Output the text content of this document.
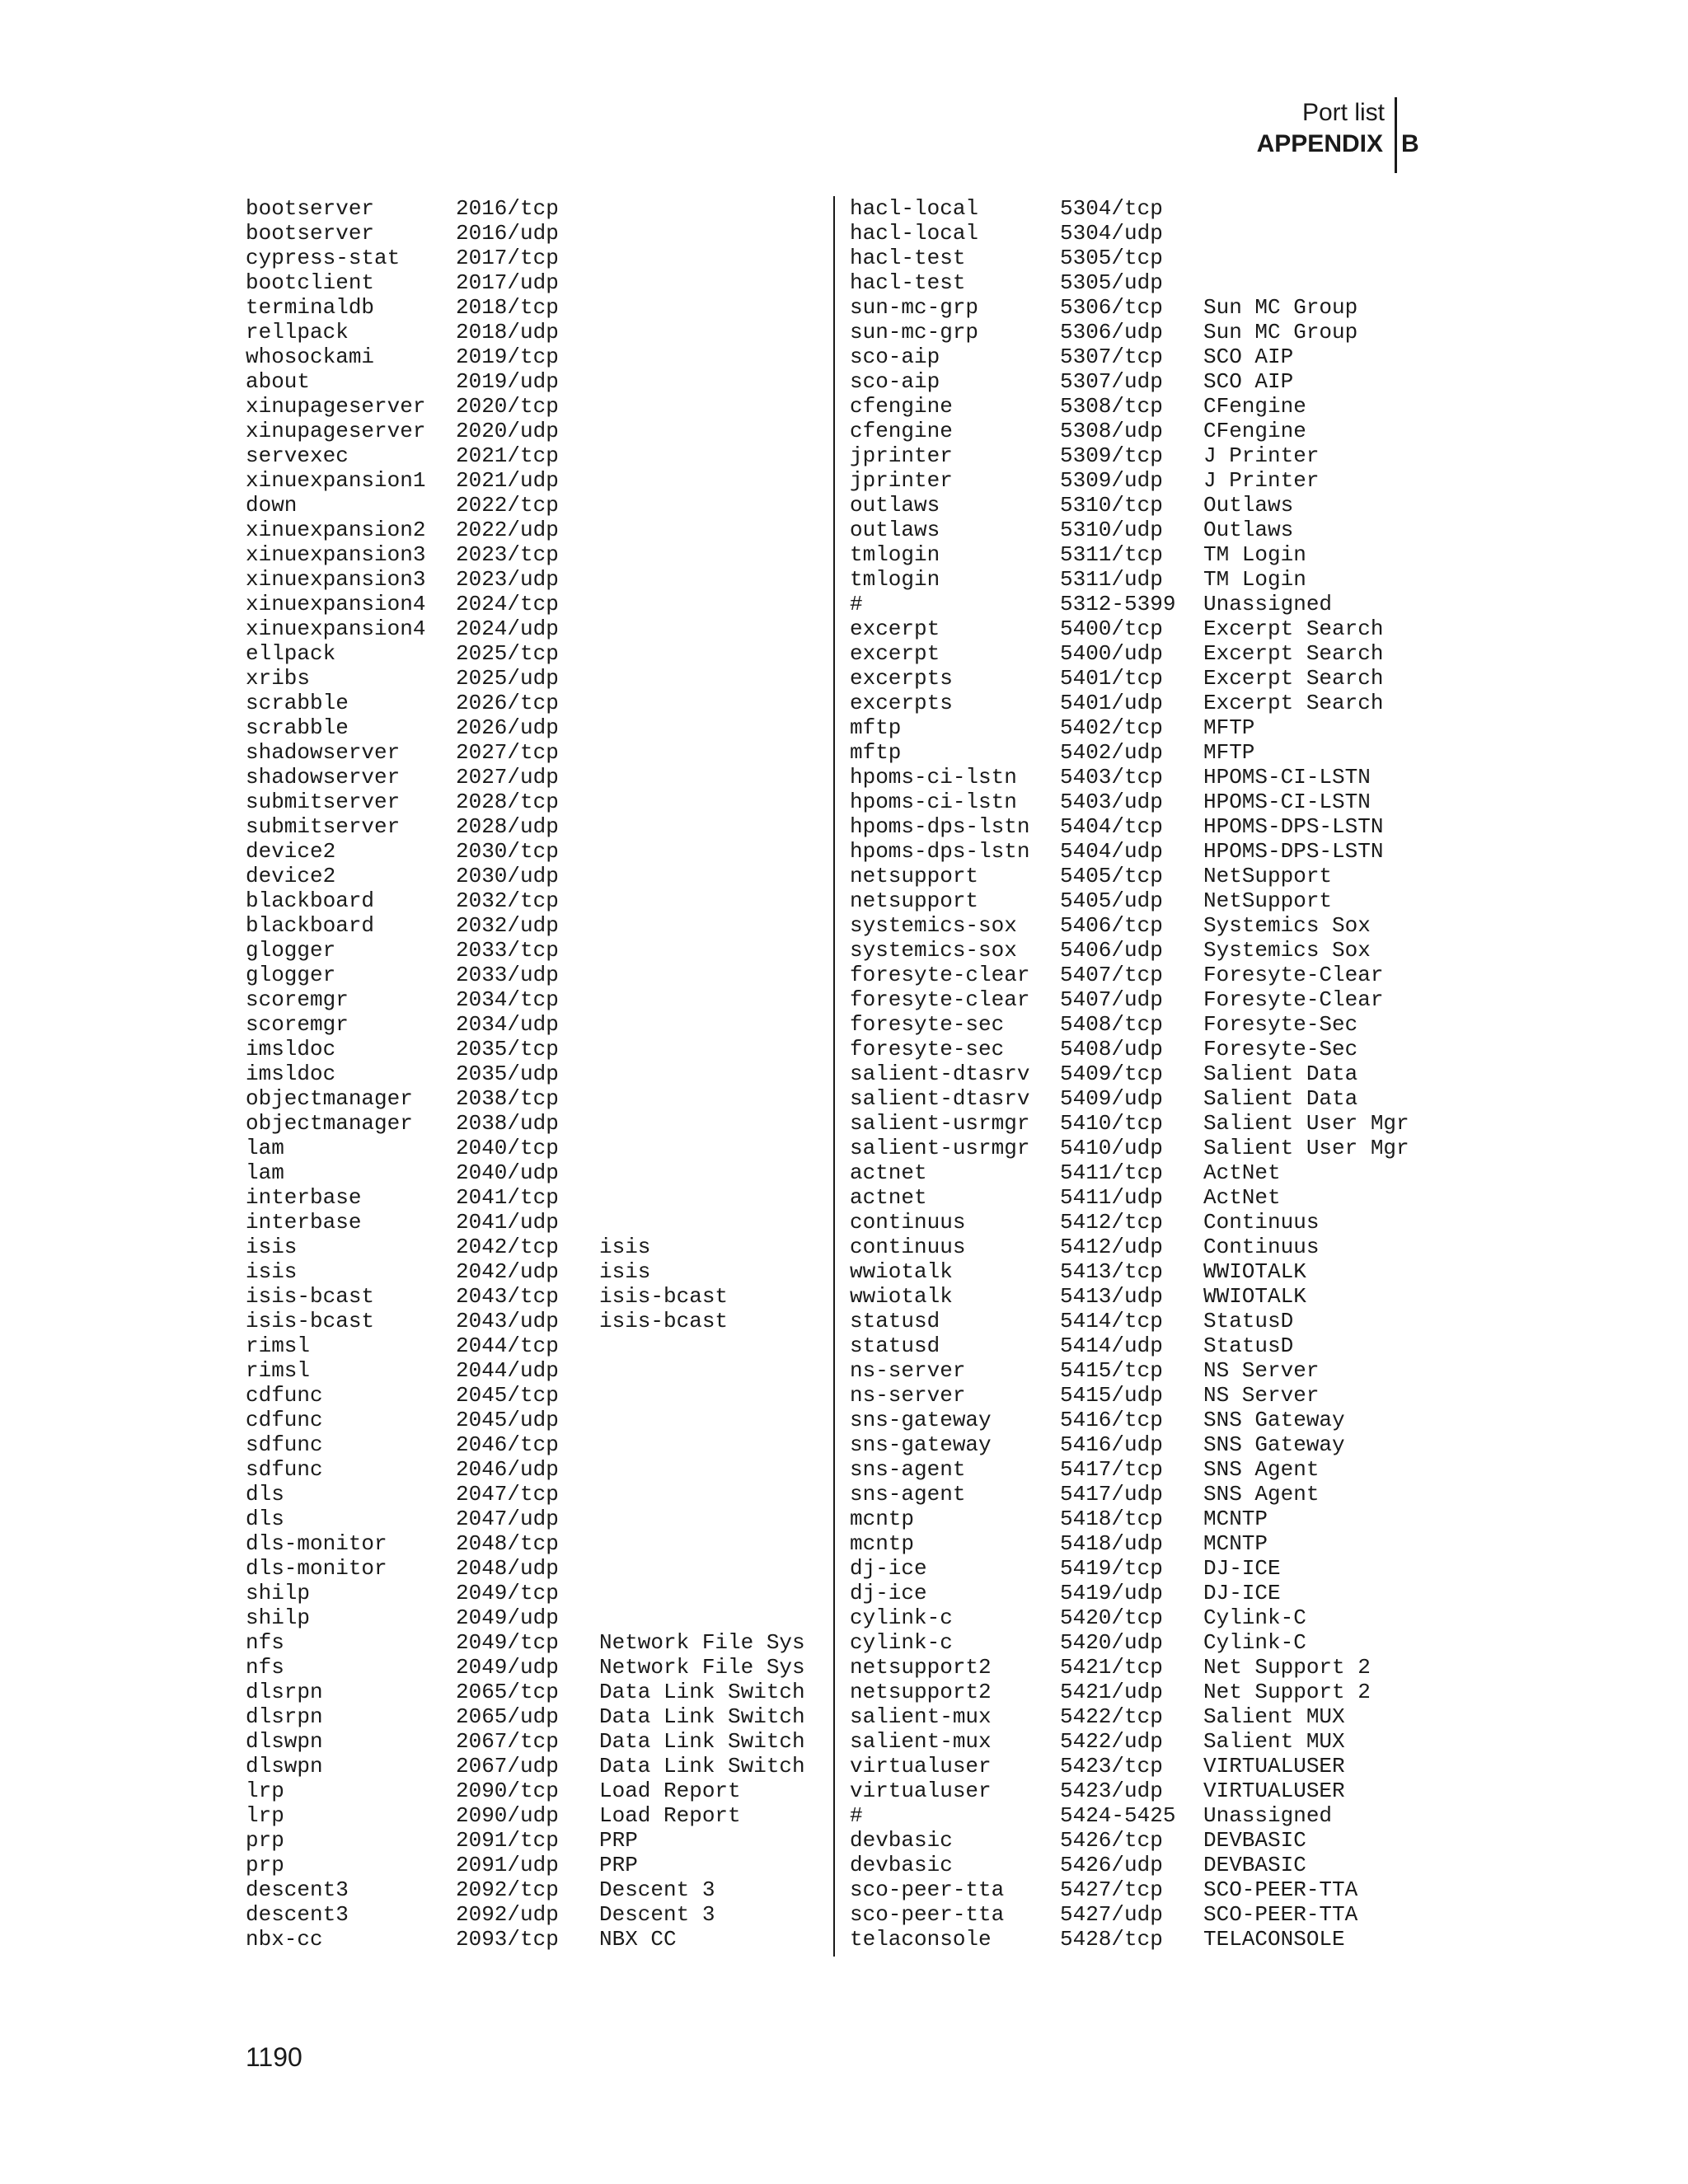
Port list
APPENDIX B
bootserver	2016/tcp
bootserver	2016/udp
cypress-stat	2017/tcp
bootclient	2017/udp
terminaldb	2018/tcp
rellpack	2018/udp
whosockami	2019/tcp
about	2019/udp
xinupageserver 2020/tcp
xinupageserver 2020/udp
servexec	2021/tcp
xinuexpansion1 2021/udp
down	2022/tcp
xinuexpansion2 2022/udp
xinuexpansion3 2023/tcp
xinuexpansion3 2023/udp
xinuexpansion4 2024/tcp
xinuexpansion4 2024/udp
ellpack	2025/tcp
xribs	2025/udp
scrabble	2026/tcp
scrabble	2026/udp
shadowserver	2027/tcp
shadowserver	2027/udp
submitserver	2028/tcp
submitserver	2028/udp
device2	2030/tcp
device2	2030/udp
blackboard	2032/tcp
blackboard	2032/udp
glogger	2033/tcp
glogger	2033/udp
scoremgr	2034/tcp
scoremgr	2034/udp
imsldoc	2035/tcp
imsldoc	2035/udp
objectmanager 2038/tcp
objectmanager 2038/udp
lam	2040/tcp
lam	2040/udp
interbase	2041/tcp
interbase	2041/udp
isis	2042/tcp isis
isis	2042/udp isis
isis-bcast	2043/tcp isis-bcast
isis-bcast	2043/udp isis-bcast
rimsl	2044/tcp
rimsl	2044/udp
cdfunc	2045/tcp
cdfunc	2045/udp
sdfunc	2046/tcp
sdfunc	2046/udp
dls	2047/tcp
dls	2047/udp
dls-monitor	2048/tcp
dls-monitor	2048/udp
shilp	2049/tcp
shilp	2049/udp
nfs	2049/tcp Network File Sys
nfs	2049/udp Network File Sys
dlsrpn	2065/tcp Data Link Switch
dlsrpn	2065/udp Data Link Switch
dlswpn	2067/tcp Data Link Switch
dlswpn	2067/udp Data Link Switch
lrp	2090/tcp Load Report
lrp	2090/udp Load Report
prp	2091/tcp PRP
prp	2091/udp PRP
descent3	2092/tcp Descent 3
descent3	2092/udp Descent 3
nbx-cc	2093/tcp NBX CC
hacl-local	5304/tcp
hacl-local	5304/udp
hacl-test	5305/tcp
hacl-test	5305/udp
sun-mc-grp	5306/tcp Sun MC Group
sun-mc-grp	5306/udp Sun MC Group
sco-aip	5307/tcp SCO AIP
sco-aip	5307/udp SCO AIP
cfengine	5308/tcp CFengine
cfengine	5308/udp CFengine
jprinter	5309/tcp J Printer
jprinter	5309/udp J Printer
outlaws	5310/tcp Outlaws
outlaws	5310/udp Outlaws
tmlogin	5311/tcp TM Login
tmlogin	5311/udp TM Login
#	5312-5399 Unassigned
excerpt	5400/tcp Excerpt Search
excerpt	5400/udp Excerpt Search
excerpts	5401/tcp Excerpt Search
excerpts	5401/udp Excerpt Search
mftp	5402/tcp MFTP
mftp	5402/udp MFTP
hpoms-ci-lstn 5403/tcp HPOMS-CI-LSTN
hpoms-ci-lstn 5403/udp HPOMS-CI-LSTN
hpoms-dps-lstn 5404/tcp HPOMS-DPS-LSTN
hpoms-dps-lstn 5404/udp HPOMS-DPS-LSTN
netsupport	5405/tcp NetSupport
netsupport	5405/udp NetSupport
systemics-sox 5406/tcp Systemics Sox
systemics-sox 5406/udp Systemics Sox
foresyte-clear 5407/tcp Foresyte-Clear
foresyte-clear 5407/udp Foresyte-Clear
foresyte-sec	5408/tcp Foresyte-Sec
foresyte-sec	5408/udp Foresyte-Sec
salient-dtasrv 5409/tcp Salient Data
salient-dtasrv 5409/udp Salient Data
salient-usrmgr 5410/tcp Salient User Mgr
salient-usrmgr 5410/udp Salient User Mgr
actnet	5411/tcp ActNet
actnet	5411/udp ActNet
continuus	5412/tcp Continuus
continuus	5412/udp Continuus
wwiotalk	5413/tcp WWIOTALK
wwiotalk	5413/udp WWIOTALK
statusd	5414/tcp StatusD
statusd	5414/udp StatusD
ns-server	5415/tcp NS Server
ns-server	5415/udp NS Server
sns-gateway	5416/tcp SNS Gateway
sns-gateway	5416/udp SNS Gateway
sns-agent	5417/tcp SNS Agent
sns-agent	5417/udp SNS Agent
mcntp	5418/tcp MCNTP
mcntp	5418/udp MCNTP
dj-ice	5419/tcp DJ-ICE
dj-ice	5419/udp DJ-ICE
cylink-c	5420/tcp Cylink-C
cylink-c	5420/udp Cylink-C
netsupport2	5421/tcp Net Support 2
netsupport2	5421/udp Net Support 2
salient-mux	5422/tcp Salient MUX
salient-mux	5422/udp Salient MUX
virtualuser	5423/tcp VIRTUALUSER
virtualuser	5423/udp VIRTUALUSER
#	5424-5425 Unassigned
devbasic	5426/tcp DEVBASIC
devbasic	5426/udp DEVBASIC
sco-peer-tta	5427/tcp SCO-PEER-TTA
sco-peer-tta	5427/udp SCO-PEER-TTA
telaconsole	5428/tcp TELACONSOLE
1190
